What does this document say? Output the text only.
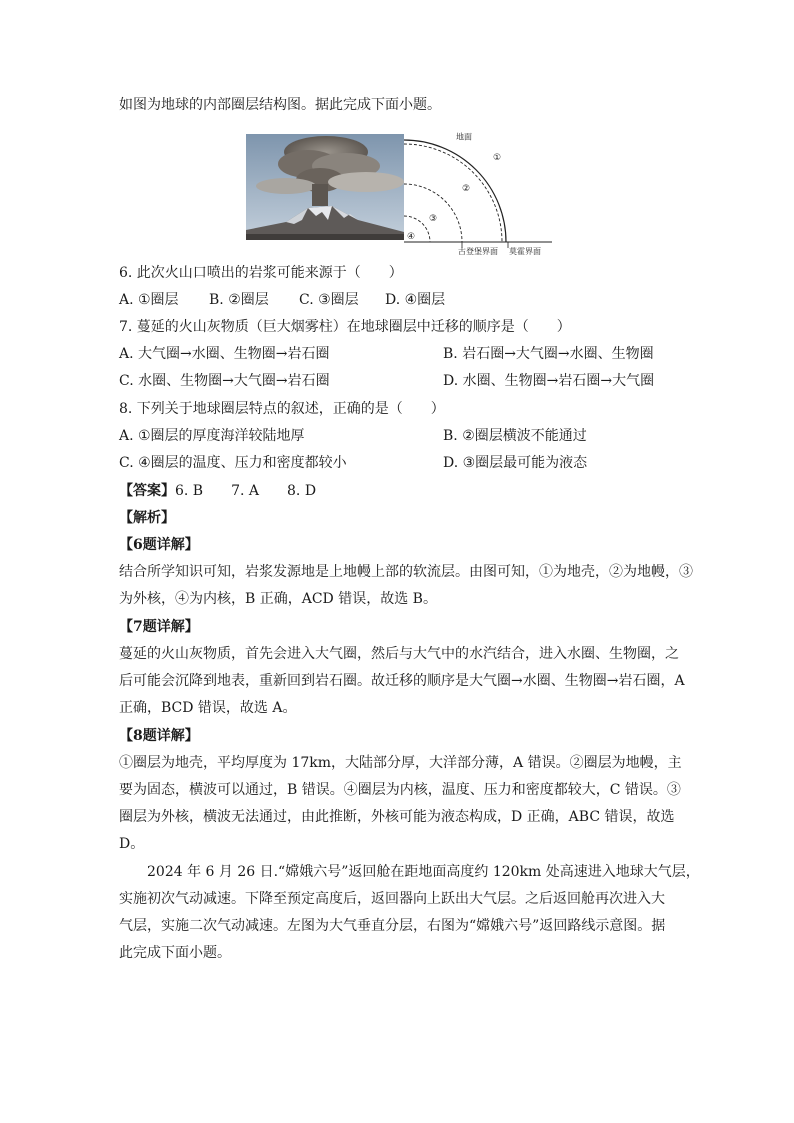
如图为地球的内部圈层结构图。据此完成下面小题。
地面
①
②
③
④
古登堡界面 莫霍界面
6. 此次火山口喷出的岩浆可能来源于（　　）
A. ①圈层 B. ②圈层 C. ③圈层 D. ④圈层
7. 蔓延的火山灰物质（巨大烟雾柱）在地球圈层中迁移的顺序是（　　）
A. 大气圈→水圈、生物圈→岩石圈	B. 岩石圈→大气圈→水圈、生物圈
C. 水圈、生物圈→大气圈→岩石圈	D. 水圈、生物圈→岩石圈→大气圈
8. 下列关于地球圈层特点的叙述，正确的是（　　）
A. ①圈层的厚度海洋较陆地厚	B. ②圈层横波不能通过
C. ④圈层的温度、压力和密度都较小	D. ③圈层最可能为液态
【答案】6. B　　7. A　　8. D
【解析】
【6题详解】
结合所学知识可知，岩浆发源地是上地幔上部的软流层。由图可知，①为地壳，②为地幔，③
为外核，④为内核，B 正确，ACD 错误，故选 B。
【7题详解】
蔓延的火山灰物质，首先会进入大气圈，然后与大气中的水汽结合，进入水圈、生物圈，之
后可能会沉降到地表，重新回到岩石圈。故迁移的顺序是大气圈→水圈、生物圈→岩石圈，A
正确，BCD 错误，故选 A。
【8题详解】
①圈层为地壳，平均厚度为 17km，大陆部分厚，大洋部分薄，A 错误。②圈层为地幔，主
要为固态，横波可以通过，B 错误。④圈层为内核，温度、压力和密度都较大，C 错误。③
圈层为外核，横波无法通过，由此推断，外核可能为液态构成，D 正确，ABC 错误，故选
D。
2024 年 6 月 26 日.“嫦娥六号”返回舱在距地面高度约 120km 处高速进入地球大气层，
实施初次气动减速。下降至预定高度后，返回器向上跃出大气层。之后返回舱再次进入大
气层，实施二次气动减速。左图为大气垂直分层，右图为“嫦娥六号”返回路线示意图。据
此完成下面小题。
